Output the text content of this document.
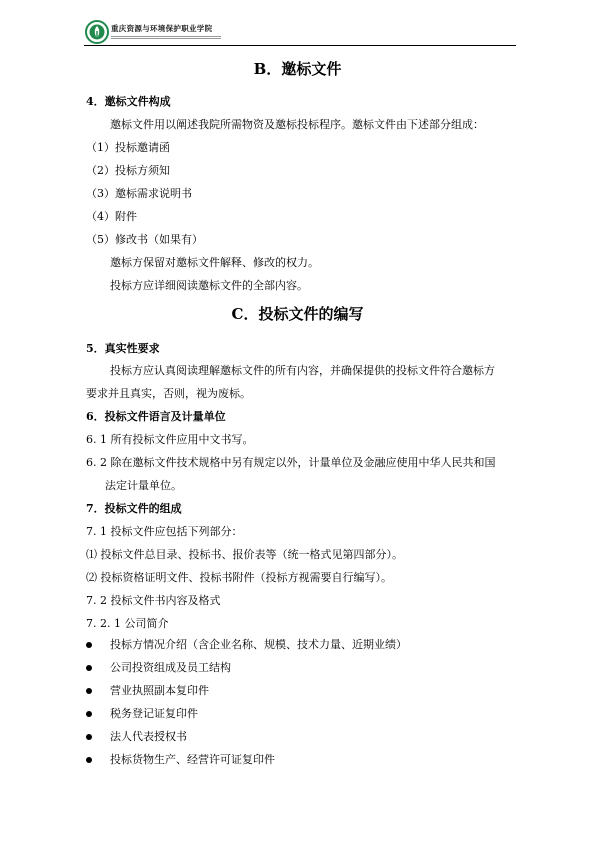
重庆资源与环境保护职业学院
B．邀标文件
4．邀标文件构成
邀标文件用以阐述我院所需物资及邀标投标程序。邀标文件由下述部分组成：
（1）投标邀请函
（2）投标方须知
（3）邀标需求说明书
（4）附件
（5）修改书（如果有）
邀标方保留对邀标文件解释、修改的权力。
投标方应详细阅读邀标文件的全部内容。
C．投标文件的编写
5．真实性要求
投标方应认真阅读理解邀标文件的所有内容，并确保提供的投标文件符合邀标方
要求并且真实，否则，视为废标。
6．投标文件语言及计量单位
6. 1 所有投标文件应用中文书写。
6. 2 除在邀标文件技术规格中另有规定以外，计量单位及金融应使用中华人民共和国
法定计量单位。
7．投标文件的组成
7. 1 投标文件应包括下列部分：
⑴ 投标文件总目录、投标书、报价表等（统一格式见第四部分）。
⑵ 投标资格证明文件、投标书附件（投标方视需要自行编写）。
7. 2 投标文件书内容及格式
7. 2. 1 公司简介
投标方情况介绍（含企业名称、规模、技术力量、近期业绩）
公司投资组成及员工结构
营业执照副本复印件
税务登记证复印件
法人代表授权书
投标货物生产、经营许可证复印件
